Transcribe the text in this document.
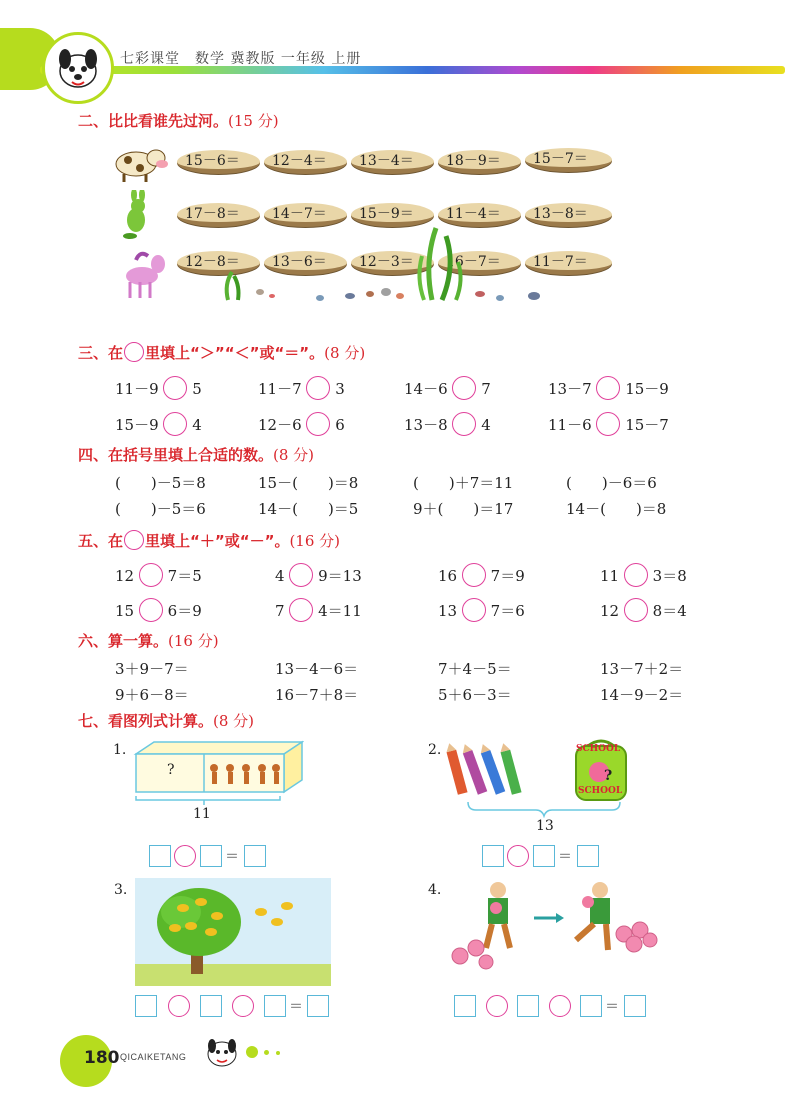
七彩课堂　数学 冀教版 一年级 上册
二、比比看谁先过河。(15 分)
15－6＝	12－4＝	13－4＝	18－9＝	15－7＝
17－8＝	14－7＝	15－9＝	11－4＝	13－8＝
12－8＝	13－6＝	12－3＝	16－7＝	11－7＝
三、在 里填上“＞”“＜”或“＝”。(8 分)
11－9 5	11－7 3	14－6 7	13－7 15－9
15－9 4	12－6 6	13－8 4	11－6 15－7
四、在括号里填上合适的数。(8 分)
(　　)－5＝8	15－(　　)＝8	(　　)＋7＝11	(　　)－6＝6
(　　)－5＝6	14－(　　)＝5	9＋(　　)＝17	14－(　　)＝8
五、在 里填上“＋”或“－”。(16 分)
12 7＝5	4 9＝13	16 7＝9	11 3＝8
15 6＝9	7 4＝11	13 7＝6	12 8＝4
六、算一算。(16 分)
3＋9－7＝	13－4－6＝	7＋4－5＝	13－7＋2＝
9＋6－8＝	16－7＋8＝	5＋6－3＝	14－9－2＝
七、看图列式计算。(8 分)
1.
?
11
＝
2.	SCHOOL
SCHOOL
?
13
＝
3.
＝
4.
＝
180 QICAIKETANG
